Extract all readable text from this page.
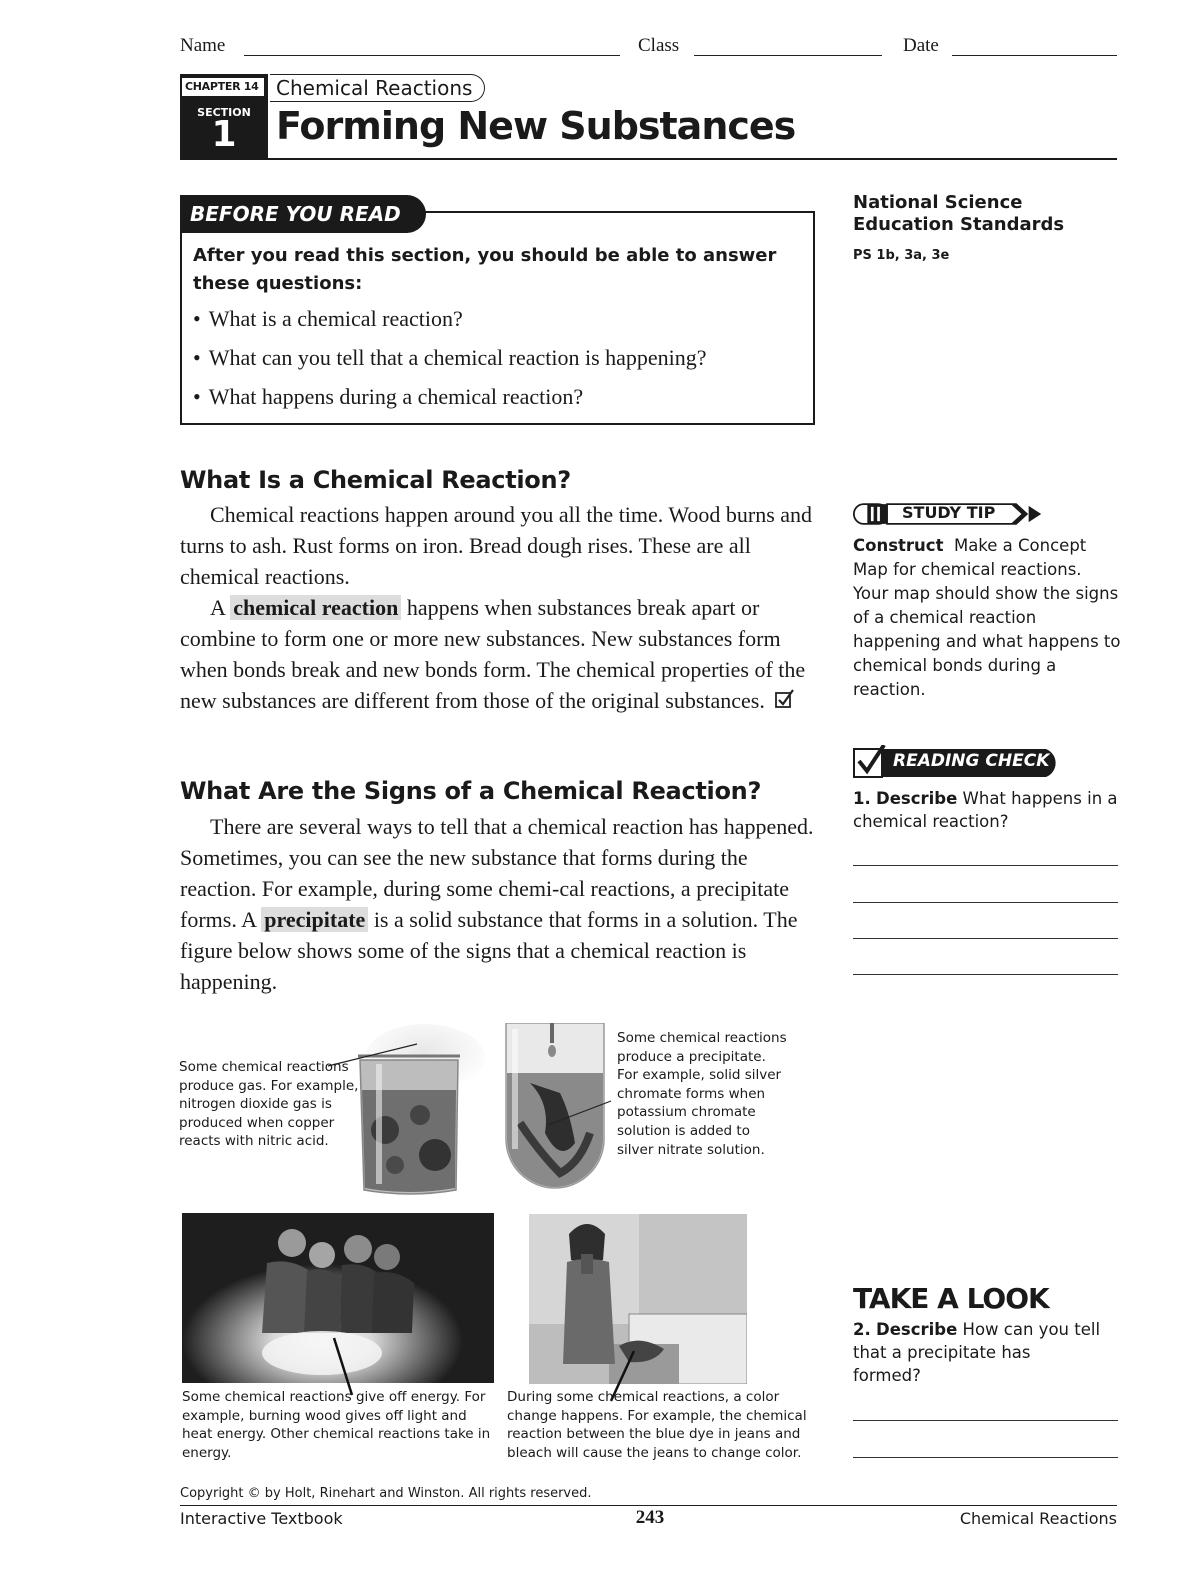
Name	Class	Date
CHAPTER 14 Chemical Reactions
SECTION
1	Forming New Substances
BEFORE YOU READ
After you read this section, you should be able to answer these questions:
• What is a chemical reaction?
• What can you tell that a chemical reaction is happening?
• What happens during a chemical reaction?
National Science Education Standards
PS 1b, 3a, 3e
What Is a Chemical Reaction?

Chemical reactions happen around you all the time. Wood burns and turns to ash. Rust forms on iron. Bread dough rises. These are all chemical reactions.

A chemical reaction happens when substances break apart or combine to form one or more new substances. New substances form when bonds break and new bonds form. The chemical properties of the new substances are different from those of the original substances.

What Are the Signs of a Chemical Reaction?

There are several ways to tell that a chemical reaction has happened. Sometimes, you can see the new substance that forms during the reaction. For example, during some chemi-cal reactions, a precipitate forms. A precipitate is a solid substance that forms in a solution. The figure below shows some of the signs that a chemical reaction is happening.

STUDY TIP
Construct Make a Concept Map for chemical reactions. Your map should show the signs of a chemical reaction happening and what happens to chemical bonds during a reaction.
READING CHECK
1. Describe What happens in a chemical reaction?
TAKE A LOOK
2. Describe How can you tell that a precipitate has formed?
Some chemical reactions produce gas. For example, nitrogen dioxide gas is produced when copper reacts with nitric acid.
Some chemical reactions produce a precipitate. For example, solid silver chromate forms when potassium chromate solution is added to silver nitrate solution.
Some chemical reactions give off energy. For example, burning wood gives off light and heat energy. Other chemical reactions take in energy.
During some chemical reactions, a color change happens. For example, the chemical reaction between the blue dye in jeans and bleach will cause the jeans to change color.
Copyright © by Holt, Rinehart and Winston. All rights reserved.
Interactive Textbook	243	Chemical Reactions
